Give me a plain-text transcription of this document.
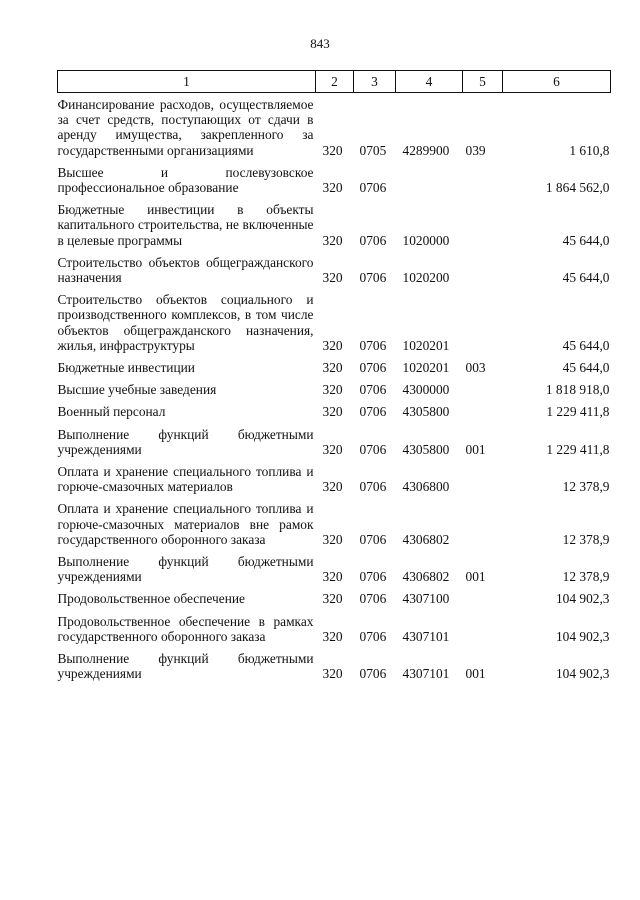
843
1	2	3	4	5	6
Финансирование расходов, осуществляемое за счет средств, поступающих от сдачи в аренду имущества, закрепленного за государственными организациями	320	0705	4289900	039	1 610,8
Высшее и послевузовское профессиональное образование	320	0706			1 864 562,0
Бюджетные инвестиции в объекты капитального строительства, не включенные в целевые программы	320	0706	1020000		45 644,0
Строительство объектов общегражданского назначения	320	0706	1020200		45 644,0
Строительство объектов социального и производственного комплексов, в том числе объектов общегражданского назначения, жилья, инфраструктуры	320	0706	1020201		45 644,0
Бюджетные инвестиции	320	0706	1020201	003	45 644,0
Высшие учебные заведения	320	0706	4300000		1 818 918,0
Военный персонал	320	0706	4305800		1 229 411,8
Выполнение функций бюджетными учреждениями	320	0706	4305800	001	1 229 411,8
Оплата и хранение специального топлива и горюче-смазочных материалов	320	0706	4306800		12 378,9
Оплата и хранение специального топлива и горюче-смазочных материалов вне рамок государственного оборонного заказа	320	0706	4306802		12 378,9
Выполнение функций бюджетными учреждениями	320	0706	4306802	001	12 378,9
Продовольственное обеспечение	320	0706	4307100		104 902,3
Продовольственное обеспечение в рамках государственного оборонного заказа	320	0706	4307101		104 902,3
Выполнение функций бюджетными учреждениями	320	0706	4307101	001	104 902,3
